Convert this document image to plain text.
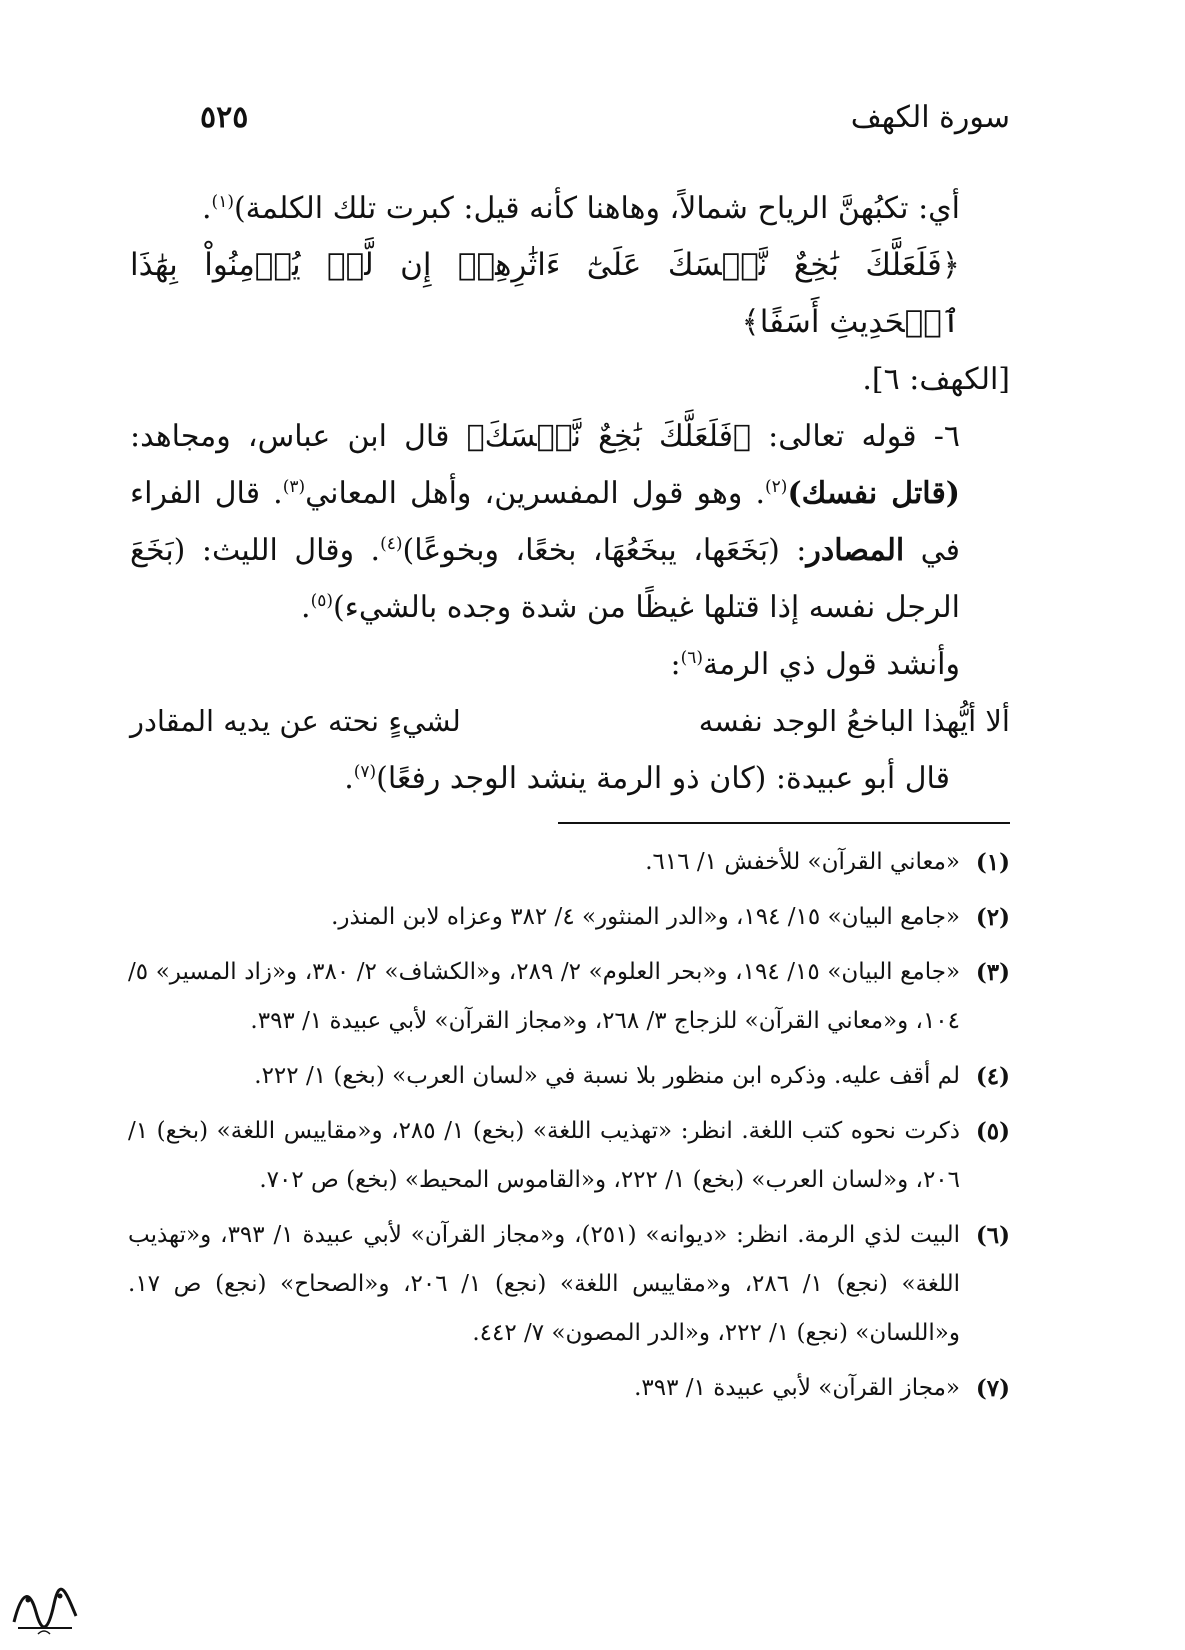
سورة الكهف
٥٢٥

أي: تكبُهنَّ الرياح شمالاً، وهاهنا كأنه قيل: كبرت تلك الكلمة)$^{(١)}$.

﴿فَلَعَلَّكَ بَٰخِعٌ نَّفۡسَكَ عَلَىٰٓ ءَاثَٰرِهِمۡ إِن لَّمۡ يُؤۡمِنُواْ بِهَٰذَا ٱلۡحَدِيثِ أَسَفًا﴾

[الكهف: ٦].

٦- قوله تعالى: ﴿فَلَعَلَّكَ بَٰخِعٌ نَّفۡسَكَ﴾ قال ابن عباس، ومجاهد: (قاتل نفسك)$^{(٢)}$. وهو قول المفسرين، وأهل المعاني$^{(٣)}$. قال الفراء في المصادر: (بَخَعَها، يبخَعُهَا، بخعًا، وبخوعًا)$^{(٤)}$. وقال الليث: (بَخَعَ الرجل نفسه إذا قتلها غيظًا من شدة وجده بالشيء)$^{(٥)}$.

وأنشد قول ذي الرمة$^{(٦)}$:

ألا أيُّهذا الباخعُ الوجد نفسه
لشيءٍ نحته عن يديه المقادر

قال أبو عبيدة: (كان ذو الرمة ينشد الوجد رفعًا)$^{(٧)}$.

(١)
«معاني القرآن» للأخفش ١/ ٦١٦.
(٢)
«جامع البيان» ١٥/ ١٩٤، و«الدر المنثور» ٤/ ٣٨٢ وعزاه لابن المنذر.
(٣)
«جامع البيان» ١٥/ ١٩٤، و«بحر العلوم» ٢/ ٢٨٩، و«الكشاف» ٢/ ٣٨٠، و«زاد المسير» ٥/ ١٠٤، و«معاني القرآن» للزجاج ٣/ ٢٦٨، و«مجاز القرآن» لأبي عبيدة ١/ ٣٩٣.
(٤)
لم أقف عليه. وذكره ابن منظور بلا نسبة في «لسان العرب» (بخع) ١/ ٢٢٢.
(٥)
ذكرت نحوه كتب اللغة. انظر: «تهذيب اللغة» (بخع) ١/ ٢٨٥، و«مقاييس اللغة» (بخع) ١/ ٢٠٦، و«لسان العرب» (بخع) ١/ ٢٢٢، و«القاموس المحيط» (بخع) ص ٧٠٢.
(٦)
البيت لذي الرمة. انظر: «ديوانه» (٢٥١)، و«مجاز القرآن» لأبي عبيدة ١/ ٣٩٣، و«تهذيب اللغة» (نجع) ١/ ٢٨٦، و«مقاييس اللغة» (نجع) ١/ ٢٠٦، و«الصحاح» (نجع) ص ١٧. و«اللسان» (نجع) ١/ ٢٢٢، و«الدر المصون» ٧/ ٤٤٢.
(٧)
«مجاز القرآن» لأبي عبيدة ١/ ٣٩٣.
